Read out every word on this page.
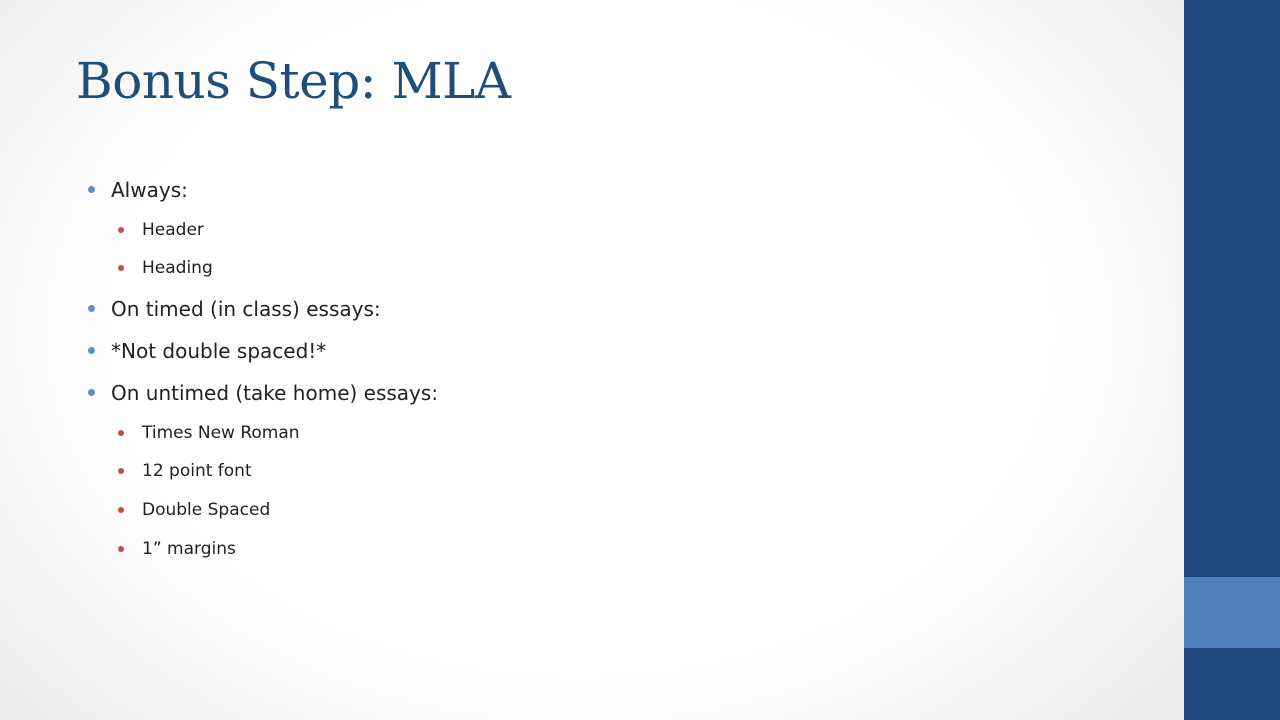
Bonus Step: MLA
Always:
Header
Heading
On timed (in class) essays:
*Not double spaced!*
On untimed (take home) essays:
Times New Roman
12 point font
Double Spaced
1” margins
